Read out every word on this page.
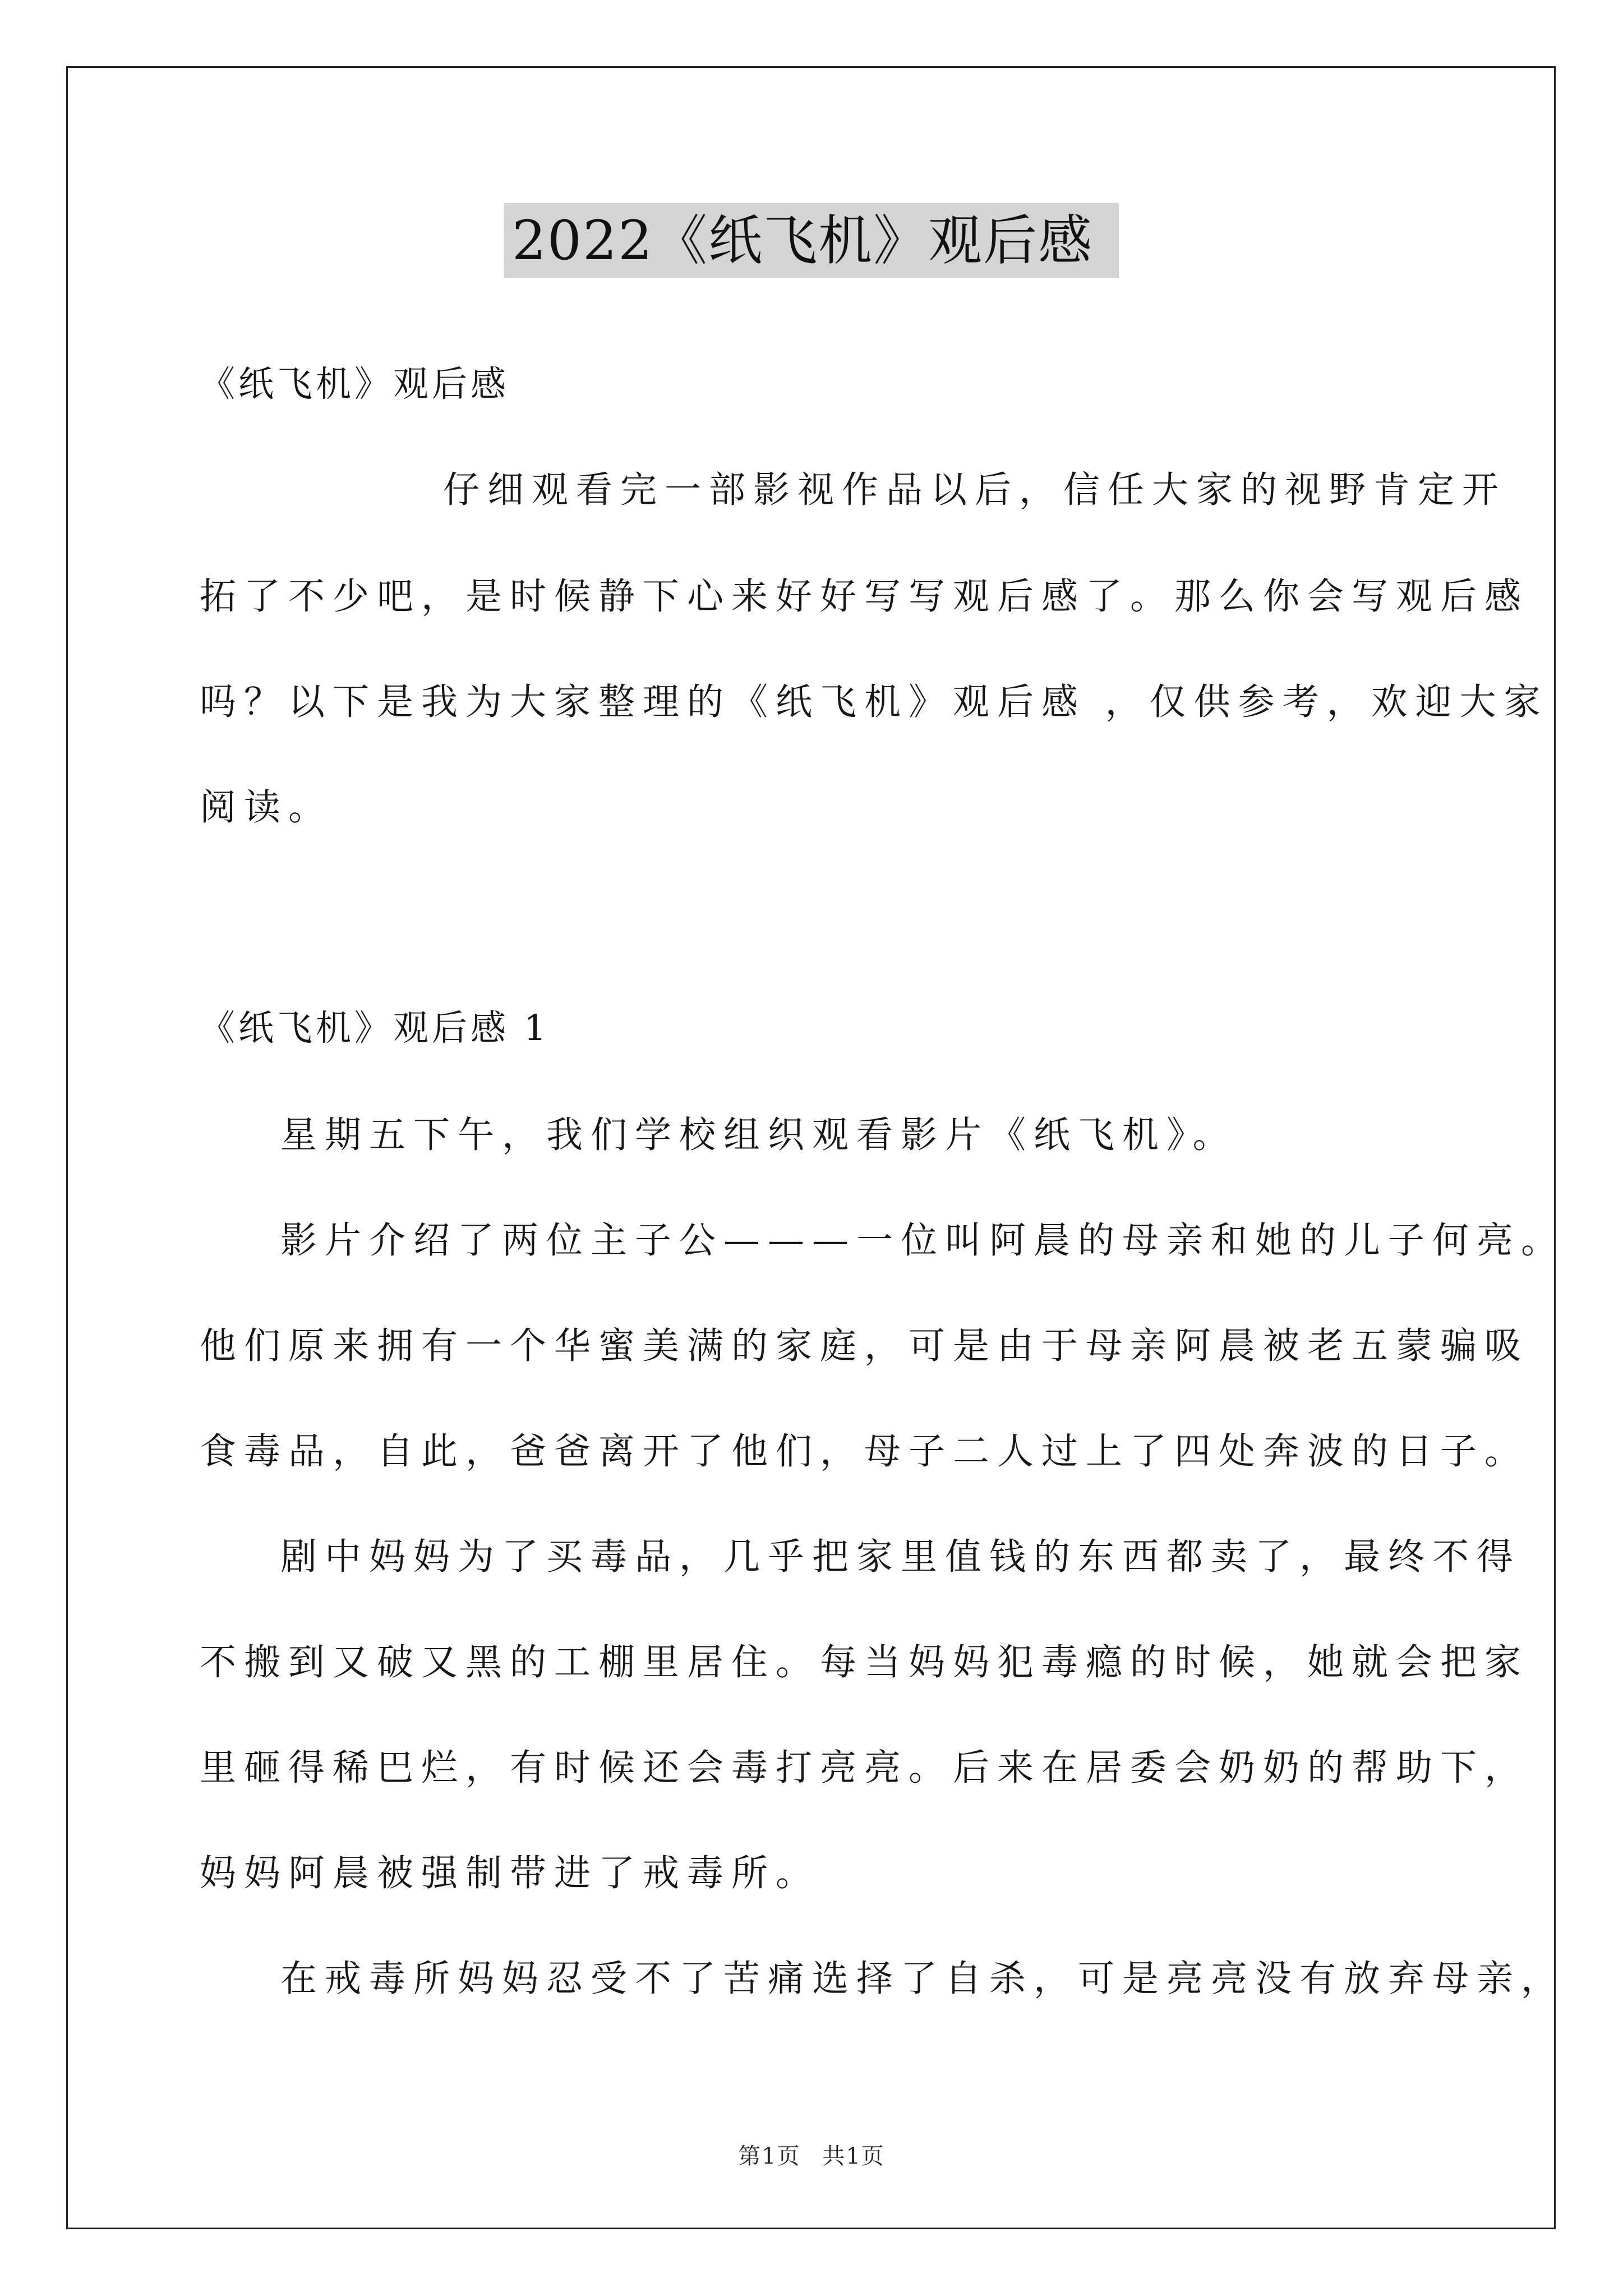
2022《纸飞机》观后感
《纸飞机》观后感
仔细观看完一部影视作品以后，信任大家的视野肯定开
拓了不少吧，是时候静下心来好好写写观后感了。那么你会写观后感
吗？以下是我为大家整理的《纸飞机》观后感 ，仅供参考，欢迎大家
阅读。
《纸飞机》观后感 1
星期五下午，我们学校组织观看影片《纸飞机》。
影片介绍了两位主子公———一位叫阿晨的母亲和她的儿子何亮。
他们原来拥有一个华蜜美满的家庭，可是由于母亲阿晨被老五蒙骗吸
食毒品，自此，爸爸离开了他们，母子二人过上了四处奔波的日子。
剧中妈妈为了买毒品，几乎把家里值钱的东西都卖了，最终不得
不搬到又破又黑的工棚里居住。每当妈妈犯毒瘾的时候，她就会把家
里砸得稀巴烂，有时候还会毒打亮亮。后来在居委会奶奶的帮助下，
妈妈阿晨被强制带进了戒毒所。
在戒毒所妈妈忍受不了苦痛选择了自杀，可是亮亮没有放弃母亲，
第1页 共1页
